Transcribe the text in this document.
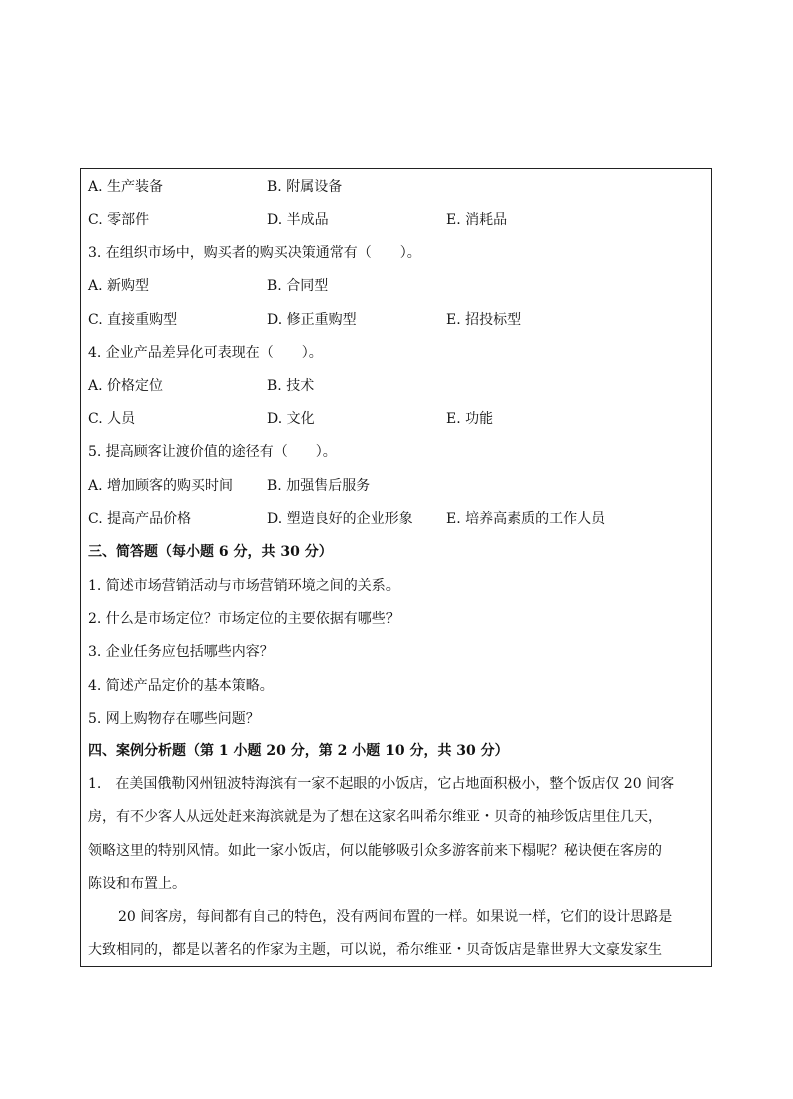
A. 生产装备	B. 附属设备
C. 零部件	D. 半成品	E. 消耗品
3. 在组织市场中，购买者的购买决策通常有（　　）。
A. 新购型	B. 合同型
C. 直接重购型	D. 修正重购型	E. 招投标型
4. 企业产品差异化可表现在（　　）。
A. 价格定位	B. 技术
C. 人员	D. 文化	E. 功能
5. 提高顾客让渡价值的途径有（　　）。
A. 增加顾客的购买时间 B. 加强售后服务
C. 提高产品价格	D. 塑造良好的企业形象 E. 培养高素质的工作人员
三、简答题（每小题 6 分，共 30 分）
1. 简述市场营销活动与市场营销环境之间的关系。
2. 什么是市场定位？市场定位的主要依据有哪些？
3. 企业任务应包括哪些内容？
4. 简述产品定价的基本策略。
5. 网上购物存在哪些问题？
四、案例分析题（第 1 小题 20 分，第 2 小题 10 分，共 30 分）
1.　在美国俄勒冈州钮波特海滨有一家不起眼的小饭店，它占地面积极小，整个饭店仅 20 间客
房，有不少客人从远处赶来海滨就是为了想在这家名叫希尔维亚・贝奇的袖珍饭店里住几天，
领略这里的特别风情。如此一家小饭店，何以能够吸引众多游客前来下榻呢？秘诀便在客房的
陈设和布置上。
20 间客房，每间都有自己的特色，没有两间布置的一样。如果说一样，它们的设计思路是
大致相同的，都是以著名的作家为主题，可以说，希尔维亚・贝奇饭店是靠世界大文豪发家生
